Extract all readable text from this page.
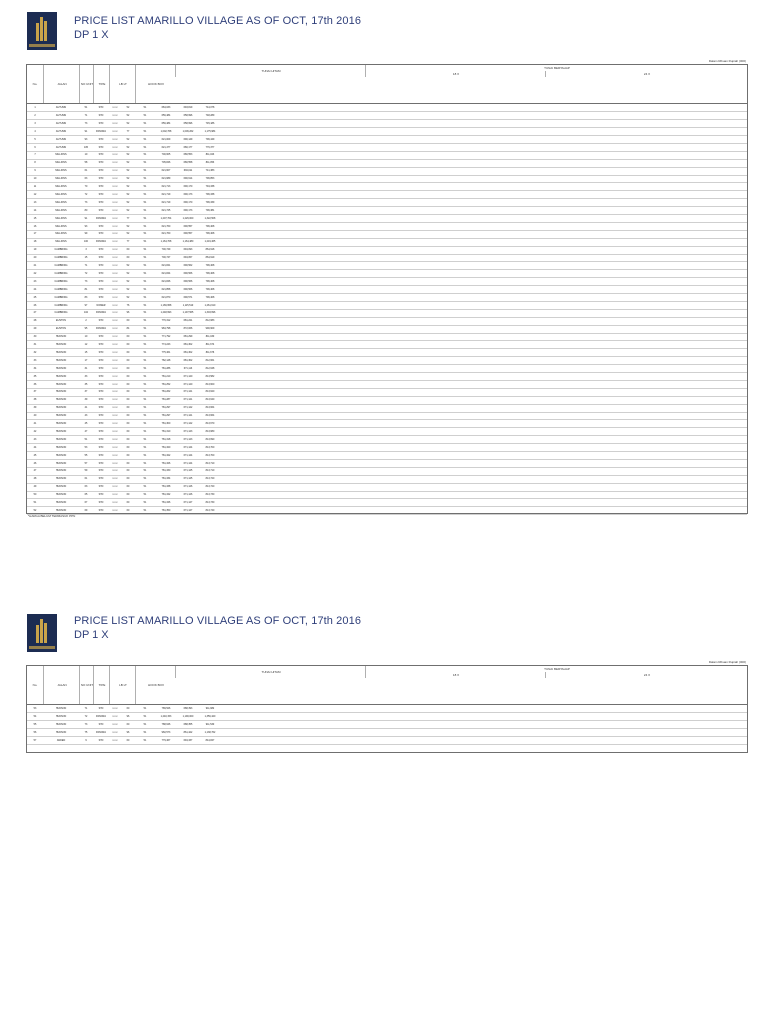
PRICE LIST AMARILLO VILLAGE AS OF OCT, 17th 2016
DP 1 X
Dalam Ribuan Rupiah (000)
No.	JALAN	NO UNIT	TIPE	LB LT	HOOK BOX
TUNAI HITAM
TUNAI BERTAHAP
18 X	24 X
1	AUTUMN	51	STD	x x x	52	51	684,033	693,819	744,078
2	AUTUMN	71	STD	x x x	52	51	656,484	658,996	748,289
3	AUTUMN	73	STD	x x x	52	51	656,484	658,996	745,186
4	AUTUMN	91	PANORA	x x x	77	51	1,002,768	1,006,262	1,175,984
5	AUTUMN	93	STD	x x x	52	51	621,009	690,149	796,449
6	AUTUMN	105	STD	x x x	52	51	621,477	680,177	776,377
7	MILLIONS	10	STD	x x x	52	51	700,605	680,553	811,023
8	MILLIONS	58	STD	x x x	52	51	705,846	680,558	811,053
9	MILLIONS	61	STD	x x x	52	51	621,607	694,011	741,383
10	MILLIONS	63	STD	x x x	52	51	621,689	690,614	796,853
11	MILLIONS	70	STD	x x x	52	51	621,713	690,170	794,338
12	MILLIONS	72	STD	x x x	52	51	621,719	690,173	796,338
13	MILLIONS	73	STD	x x x	52	51	621,719	690,170	796,339
14	MILLIONS	80	STD	x x x	52	51	621,725	690,173	796,381
15	MILLIONS	91	PANORA	x x x	77	51	1,207,704	1,226,000	1,322,508
16	MILLIONS	93	STD	x x x	52	51	621,760	690,557	796,408
17	MILLIONS	99	STD	x x x	52	51	621,760	690,557	796,408
18	MILLIONS	100	PANORA	x x x	77	51	1,164,708	1,164,480	1,219,465
19	CAMBRIDG	3	STD	x x x	60	51	700,749	694,093	864,918
20	CAMBRIDG	15	STD	x x x	60	51	700,747	694,057	864,919
21	CAMBRIDG	71	STD	x x x	52	51	621,841	690,562	796,408
22	CAMBRIDG	72	STD	x x x	52	51	621,844	690,566	796,408
23	CAMBRIDG	73	STD	x x x	52	51	621,846	690,566	796,408
24	CAMBRIDG	81	STD	x x x	52	51	621,858	690,566	796,408
25	CAMBRIDG	83	STD	x x x	52	51	621,870	690,571	796,408
26	CAMBRIDG	97	NOMER	x x x	76	51	1,166,958	1,115,510	1,261,610
27	CAMBRIDG	102	PANORA	x x x	96	51	1,248,993	1,197,565	1,303,696
28	EUSTON	2	STD	x x x	60	51	776,312	681,221	812,683
29	EUSTON	95	PANORA	x x x	84	51	984,798	872,066	990,909
30	HUDSON	10	STD	x x x	60	51	771,792	681,299	811,030
31	HUDSON	12	STD	x x x	60	51	774,243	681,302	811,674
32	HUDSON	15	STD	x x x	60	51	775,461	681,302	811,676
33	HUDSON	17	STD	x x x	60	51	782,148	681,302	812,661
34	HUDSON	31	STD	x x x	60	51	781,286	671,113	812,648
35	HUDSON	33	STD	x x x	60	51	781,210	671,120	813,582
36	HUDSON	35	STD	x x x	60	51	781,252	671,120	813,600
37	HUDSON	37	STD	x x x	60	51	781,262	671,121	813,620
38	HUDSON	39	STD	x x x	60	51	781,287	671,121	813,640
39	HUDSON	41	STD	x x x	60	51	781,297	671,122	813,664
40	HUDSON	43	STD	x x x	60	51	781,297	671,121	813,664
41	HUDSON	45	STD	x x x	60	51	781,300	671,122	813,670
42	HUDSON	47	STD	x x x	60	51	781,310	671,123	813,680
43	HUDSON	51	STD	x x x	60	51	781,318	671,123	813,690
44	HUDSON	53	STD	x x x	60	51	781,320	671,124	813,700
45	HUDSON	55	STD	x x x	60	51	781,322	671,124	813,700
46	HUDSON	57	STD	x x x	60	51	781,326	671,124	813,710
47	HUDSON	59	STD	x x x	60	51	781,330	671,125	813,710
48	HUDSON	61	STD	x x x	60	51	781,334	671,125	813,720
49	HUDSON	63	STD	x x x	60	51	781,338	671,126	813,720
50	HUDSON	65	STD	x x x	60	51	781,342	671,126	813,730
51	HUDSON	67	STD	x x x	60	51	781,346	671,127	813,730
52	HUDSON	69	STD	x x x	60	51	781,350	671,127	813,740
*HARGA BELUM TERMASUK PPN
PRICE LIST AMARILLO VILLAGE AS OF OCT, 17th 2016
DP 1 X
Dalam Ribuan Rupiah (000)
No.	JALAN	NO UNIT	TIPE	LB LT	HOOK BOX
TUNAI HITAM
TUNAI BERTAHAP
18 X	24 X
53	HUDSON	71	STD	x x x	60	51	789,526	688,393	911,982
54	HUDSON	72	PANORA	x x x	96	51	1,240,153	1,190,000	1,356,420
55	HUDSON	73	STD	x x x	60	51	788,646	688,355	911,530
56	HUDSON	75	PANORA	x x x	96	51	960,573	861,422	1,138,762
57	ANDEN	9	STD	x x x	60	51	779,467	694,337	844,847
